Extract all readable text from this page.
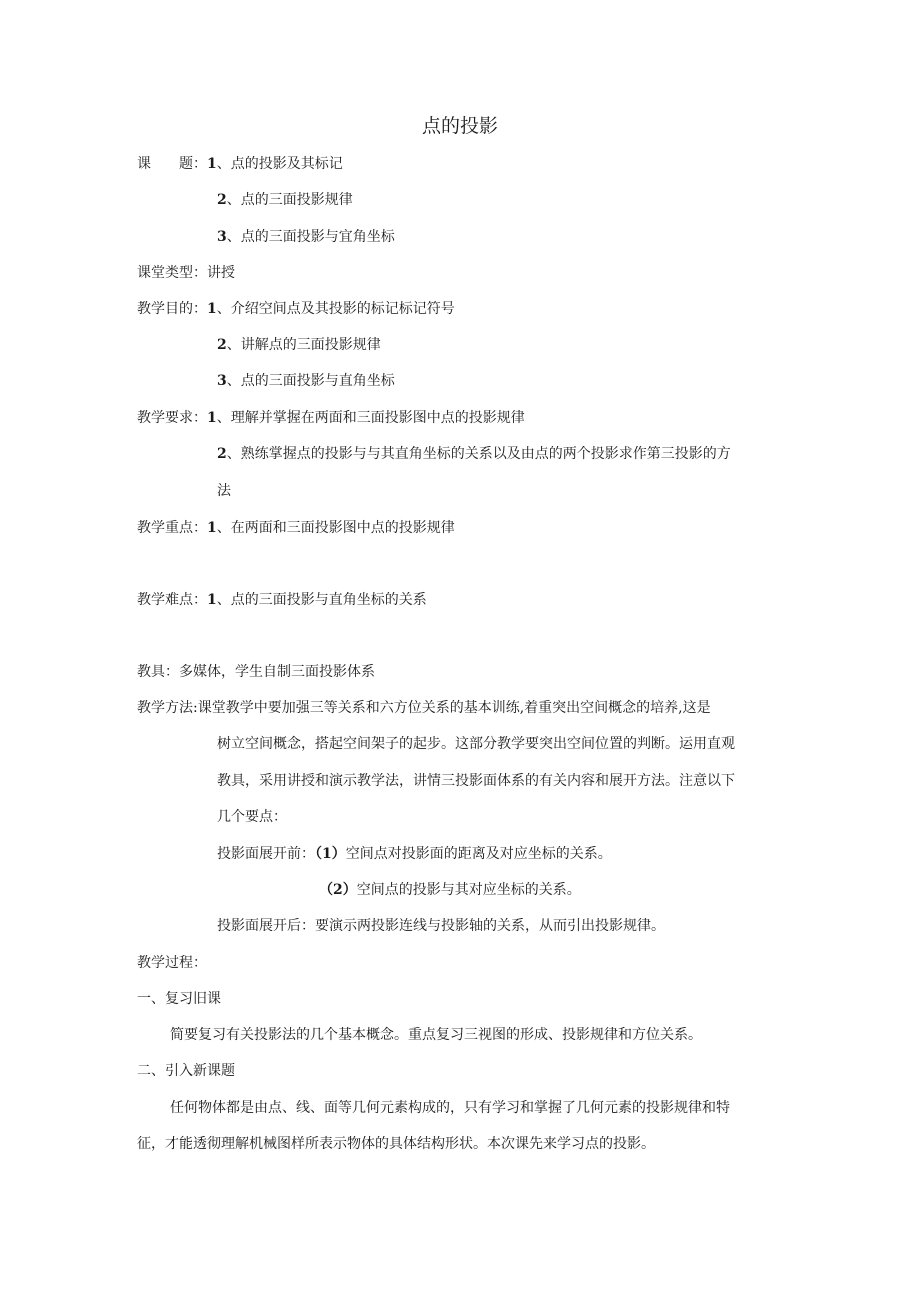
点的投影
课　　题：1、点的投影及其标记
2、点的三面投影规律
3、点的三面投影与宜角坐标
课堂类型：讲授
教学目的：1、介绍空间点及其投影的标记标记符号
2、讲解点的三面投影规律
3、点的三面投影与直角坐标
教学要求：1、理解并掌握在两面和三面投影图中点的投影规律
2、熟练掌握点的投影与与其直角坐标的关系以及由点的两个投影求作第三投影的方
法
教学重点：1、在两面和三面投影图中点的投影规律
教学难点：1、点的三面投影与直角坐标的关系
教具：多媒体，学生自制三面投影体系
教学方法:课堂教学中要加强三等关系和六方位关系的基本训练,着重突出空间概念的培养,这是
树立空间概念，搭起空间架子的起步。这部分教学要突出空间位置的判断。运用直观
教具，采用讲授和演示教学法，讲情三投影面体系的有关内容和展开方法。注意以下
几个要点：
投影面展开前：（1）空间点对投影面的距离及对应坐标的关系。
（2）空间点的投影与其对应坐标的关系。
投影面展开后：要演示两投影连线与投影轴的关系，从而引出投影规律。
教学过程：
一、复习旧课
简要复习有关投影法的几个基本概念。重点复习三视图的形成、投影规律和方位关系。
二、引入新课题
任何物体都是由点、线、面等几何元素构成的，只有学习和掌握了几何元素的投影规律和特
征，才能透彻理解机械图样所表示物体的具体结构形状。本次课先来学习点的投影。
